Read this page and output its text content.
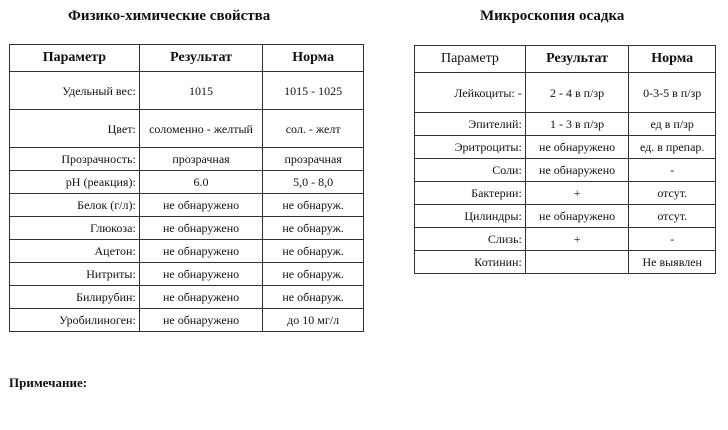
Физико-химические свойства	Микроскопия осадка
Параметр	Результат	Норма
Удельный вес:	1015	1015 - 1025
Цвет:	соломенно - желтый	сол. - желт
Прозрачность:	прозрачная	прозрачная
pH (реакция):	6.0	5,0 - 8,0
Белок (г/л):	не обнаружено	не обнаруж.
Глюкоза:	не обнаружено	не обнаруж.
Ацетон:	не обнаружено	не обнаруж.
Нитриты:	не обнаружено	не обнаруж.
Билирубин:	не обнаружено	не обнаруж.
Уробилиноген:	не обнаружено	до 10 мг/л
Параметр	Результат	Норма
Лейкоциты: -	2 - 4 в п/зр	0-3-5 в п/зр
Эпителий:	1 - 3 в п/зр	ед в п/зр
Эритроциты:	не обнаружено	ед. в препар.
Соли:	не обнаружено	-
Бактерии:	+	отсут.
Цилиндры:	не обнаружено	отсут.
Слизь:	+	-
Котинин:		Не выявлен
Примечание:
